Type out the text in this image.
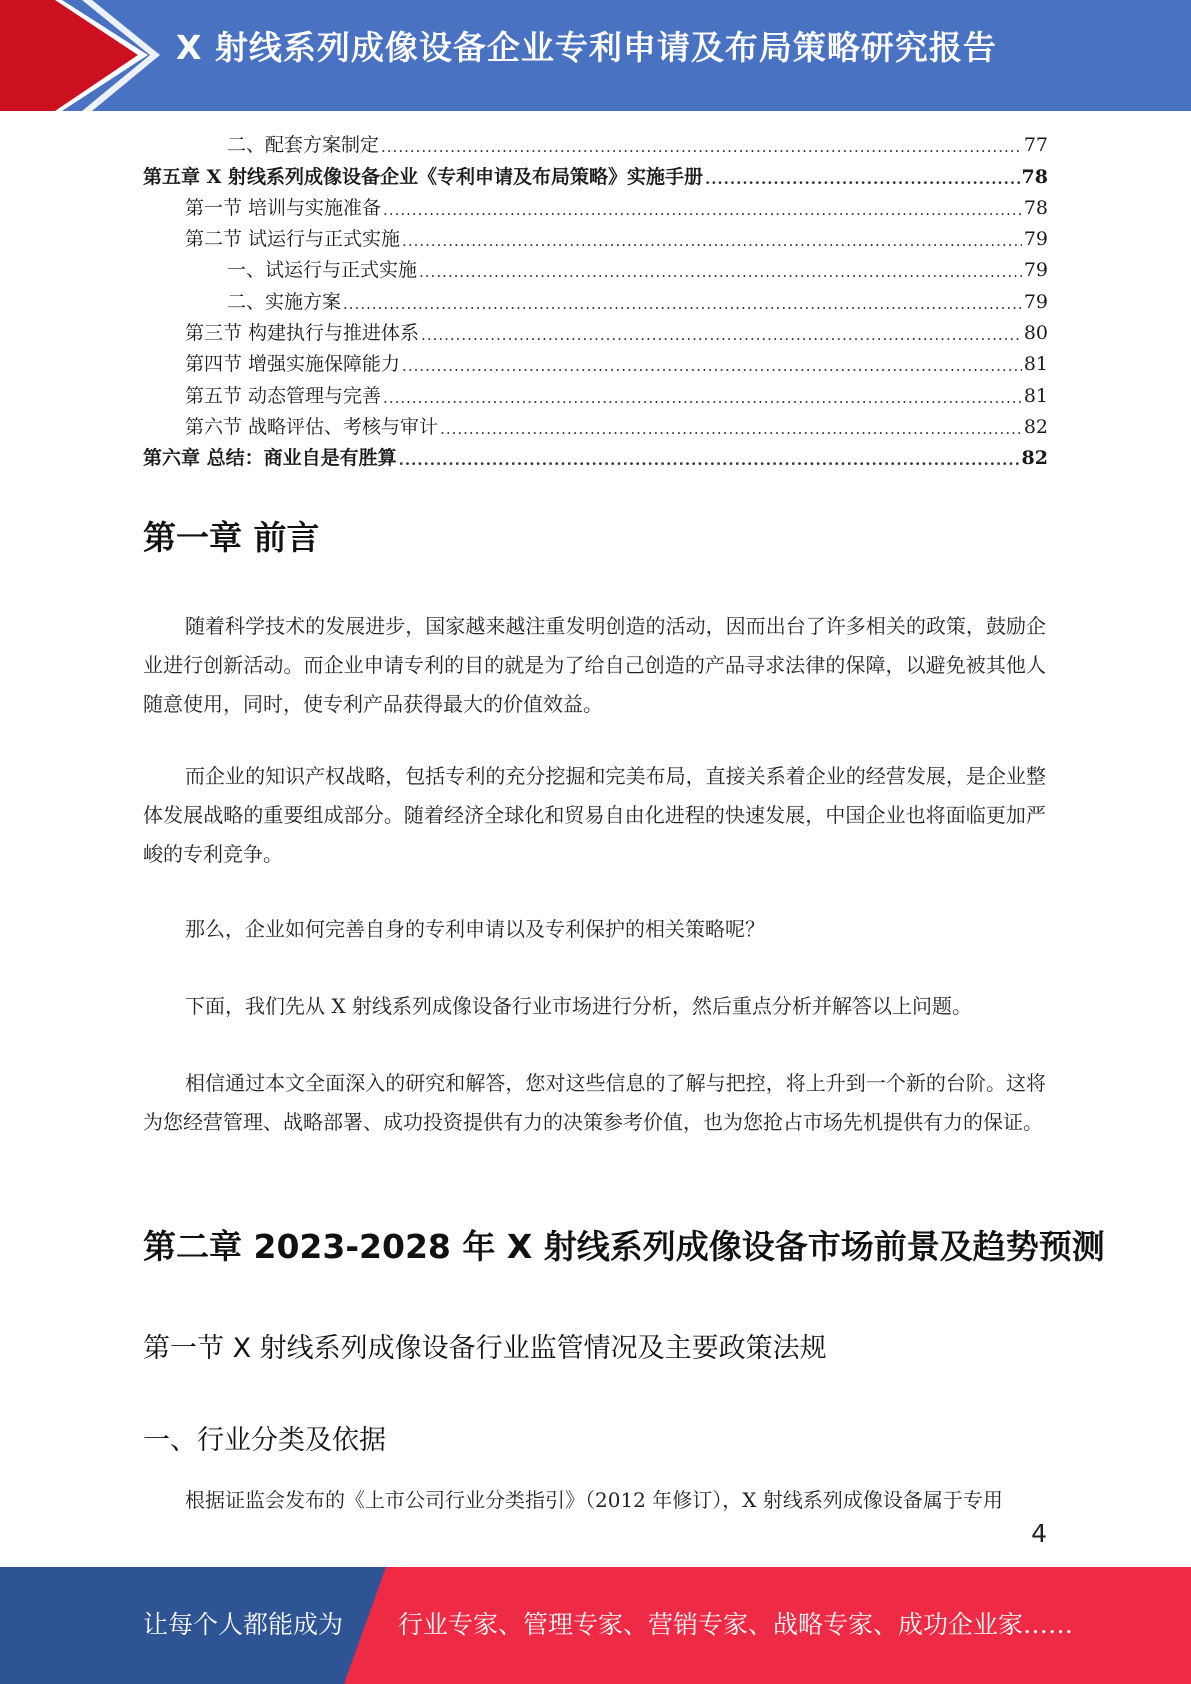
X 射线系列成像设备企业专利申请及布局策略研究报告
二、配套方案制定 .....	77
第五章 X 射线系列成像设备企业《专利申请及布局策略》实施手册 .....	78
第一节 培训与实施准备 .....	78
第二节 试运行与正式实施 .....	79
一、试运行与正式实施 .....	79
二、实施方案 .....	79
第三节 构建执行与推进体系 .....	80
第四节 增强实施保障能力 .....	81
第五节 动态管理与完善 .....	81
第六节 战略评估、考核与审计 .....	82
第六章 总结：商业自是有胜算 .....	82
第一章 前言
随着科学技术的发展进步，国家越来越注重发明创造的活动，因而出台了许多相关的政策，鼓励企业进行创新活动。而企业申请专利的目的就是为了给自己创造的产品寻求法律的保障，以避免被其他人随意使用，同时，使专利产品获得最大的价值效益。
而企业的知识产权战略，包括专利的充分挖掘和完美布局，直接关系着企业的经营发展，是企业整体发展战略的重要组成部分。随着经济全球化和贸易自由化进程的快速发展，中国企业也将面临更加严峻的专利竞争。
那么，企业如何完善自身的专利申请以及专利保护的相关策略呢？
下面，我们先从 X 射线系列成像设备行业市场进行分析，然后重点分析并解答以上问题。
相信通过本文全面深入的研究和解答，您对这些信息的了解与把控，将上升到一个新的台阶。这将为您经营管理、战略部署、成功投资提供有力的决策参考价值，也为您抢占市场先机提供有力的保证。
第二章 2023-2028 年 X 射线系列成像设备市场前景及趋势预测
第一节 X 射线系列成像设备行业监管情况及主要政策法规
一、行业分类及依据
根据证监会发布的《上市公司行业分类指引》（2012 年修订），X 射线系列成像设备属于专用
4
让每个人都能成为 行业专家、管理专家、营销专家、战略专家、成功企业家……
